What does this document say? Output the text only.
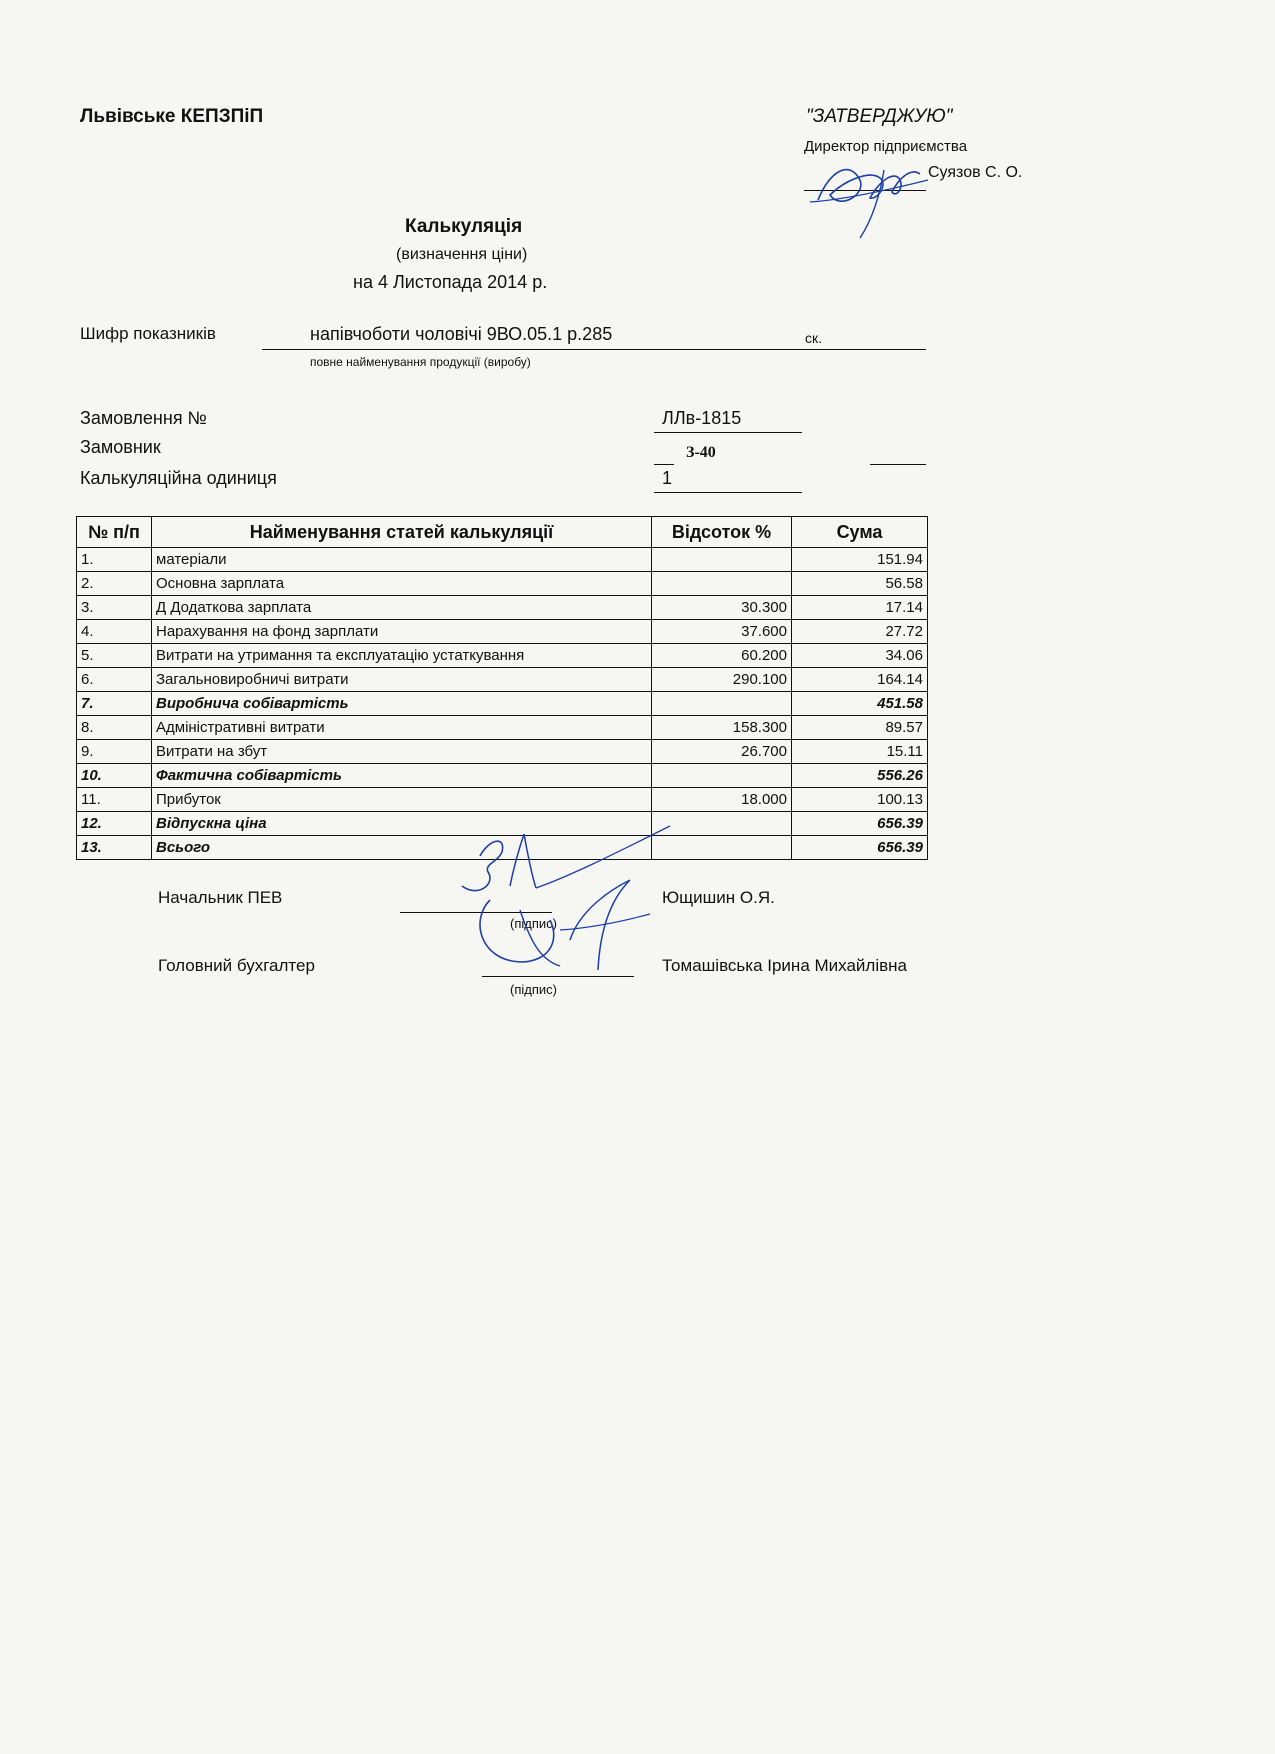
Львівське КЕПЗПіП	"ЗАТВЕРДЖУЮ"
Директор підприємства
Суязов С. О.
Калькуляція
(визначення ціни)
на 4 Листопада 2014 р.
Шифр показників	напівчоботи чоловічі 9ВО.05.1 р.285	ск.
повне найменування продукції (виробу)
Замовлення №	ЛЛв-1815
Замовник	З-40
Калькуляційна одиниця	1
№ п/п	Найменування статей калькуляції	Відсоток %	Сума
1.	матеріали		151.94
2.	Основна зарплата		56.58
3.	Д Додаткова зарплата	30.300	17.14
4.	Нарахування на фонд зарплати	37.600	27.72
5.	Витрати на утримання та експлуатацію устаткування	60.200	34.06
6.	Загальновиробничі витрати	290.100	164.14
7.	Виробнича собівартість		451.58
8.	Адміністративні витрати	158.300	89.57
9.	Витрати на збут	26.700	15.11
10.	Фактична собівартість		556.26
11.	Прибуток	18.000	100.13
12.	Відпускна ціна		656.39
13.	Всього		656.39
Начальник ПЕВ
(підпис)
Ющишин О.Я.
Головний бухгалтер
(підпис)
Томашівська Ірина Михайлівна
